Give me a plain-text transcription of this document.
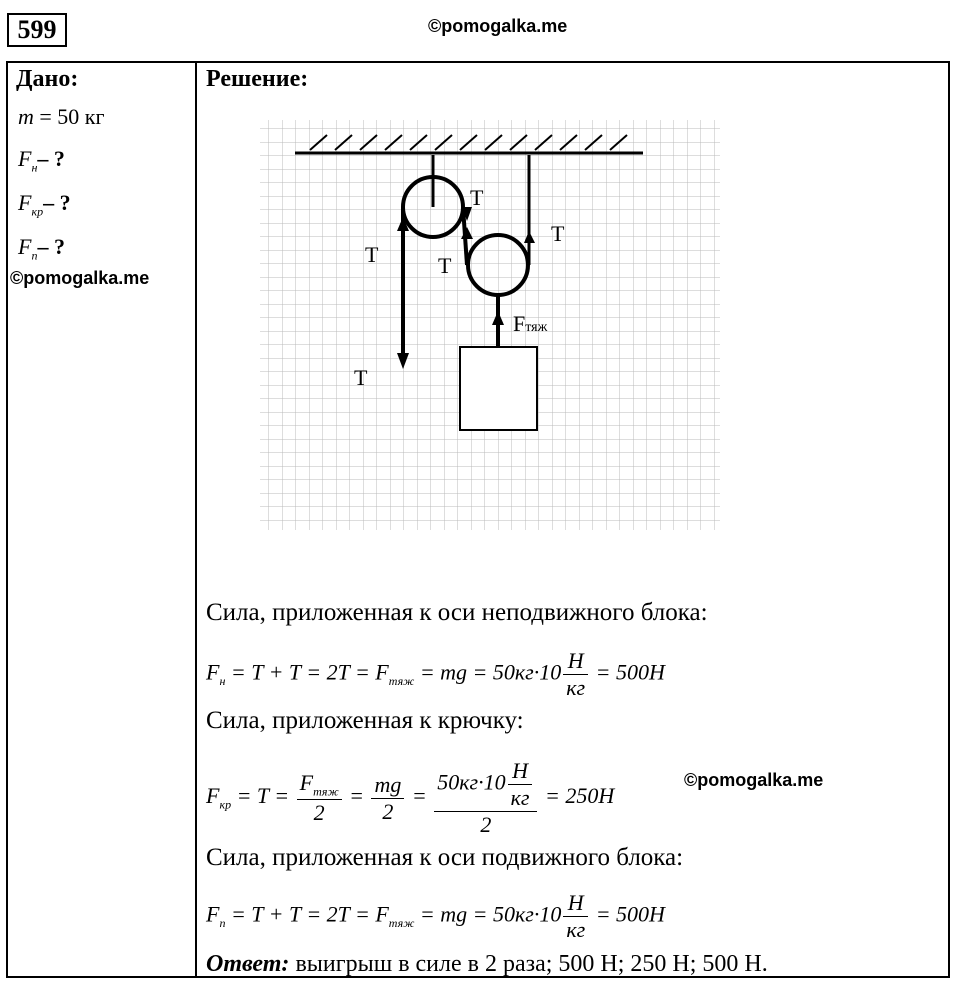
599	©pomogalka.me
Дано:
m = 50 кг
$F_н-$ ?
$F_{кр}-$ ?
$F_п-$ ?
©pomogalka.me
Решение:
T
T
T
T
T
Fтяж
Сила, приложенная к оси неподвижного блока:
$F_н = T + T = 2T = F_{тяж}$ = mg = $50кг\cdot 10 \frac{H}{кг} = 500H$
Сила, приложенная к крючку:
$F_{кр} = T = \frac{F_{тяж}}{2} = \frac{mg}{2} = \frac{50кг\cdot 10 \frac{H}{кг}}{2} = 250H$
©pomogalka.me
Сила, приложенная к оси подвижного блока:
$F_п = T + T = 2T = F_{тяж}$ = mg = $50кг\cdot 10 \frac{H}{кг} = 500H$
Ответ: выигрыш в силе в 2 раза; 500 Н; 250 Н; 500 Н.
